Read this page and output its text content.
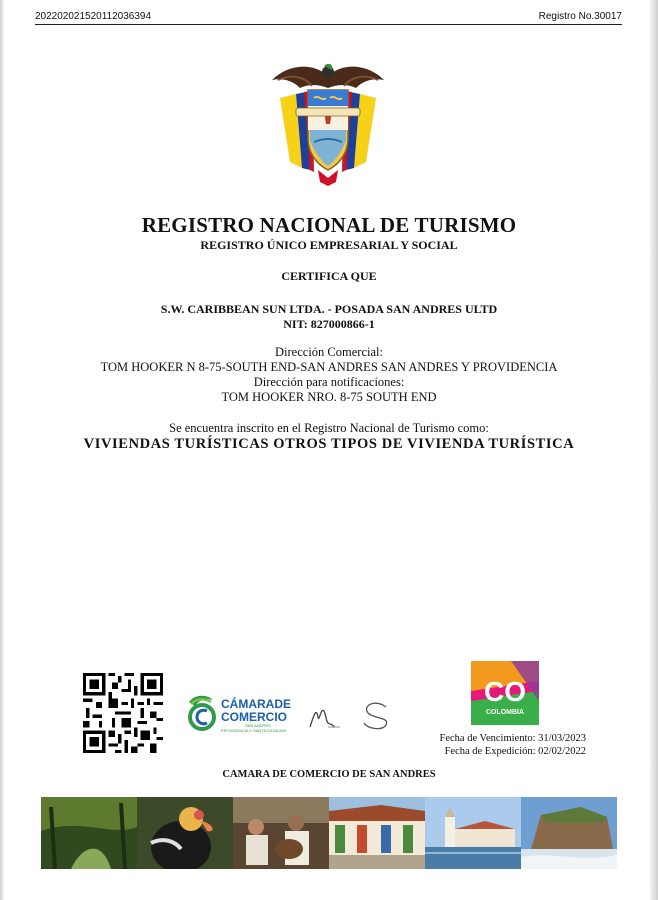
202202021520112036394	Registro No.30017
REGISTRO NACIONAL DE TURISMO
REGISTRO ÚNICO EMPRESARIAL Y SOCIAL
CERTIFICA QUE
S.W. CARIBBEAN SUN LTDA. - POSADA SAN ANDRES ULTD
NIT: 827000866-1
Dirección Comercial:
TOM HOOKER N 8-75-SOUTH END-SAN ANDRES SAN ANDRES Y PROVIDENCIA
Dirección para notificaciones:
TOM HOOKER NRO. 8-75 SOUTH END
Se encuentra inscrito en el Registro Nacional de Turismo como:
VIVIENDAS TURÍSTICAS OTROS TIPOS DE VIVIENDA TURÍSTICA
CÁMARADE
COMERCIO
SAN ANDRÉS
PROVIDENCIA Y SANTA CATALINA
CO
COLOMBIA
Fecha de Vencimiento: 31/03/2023
Fecha de Expedición: 02/02/2022
CAMARA DE COMERCIO DE SAN ANDRES
